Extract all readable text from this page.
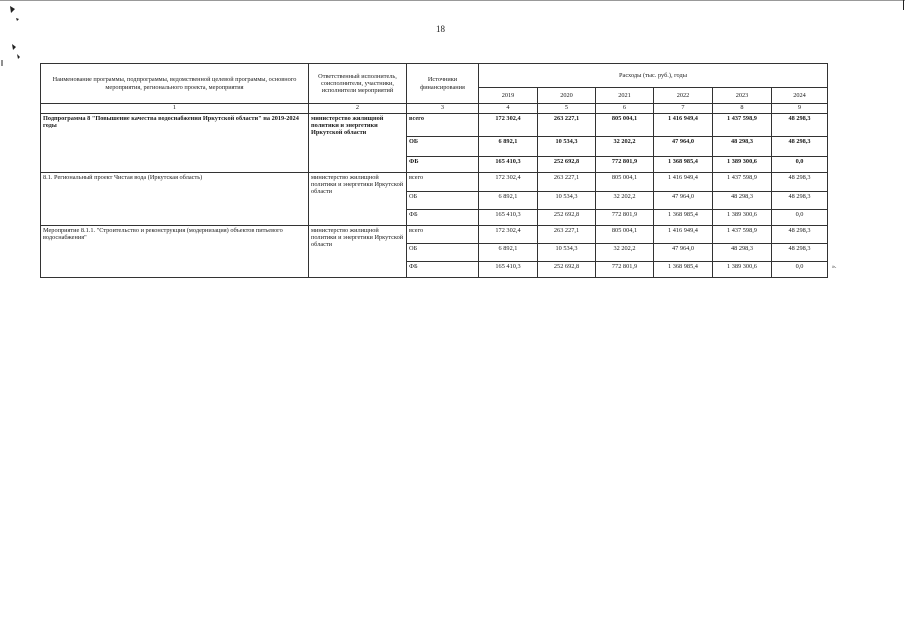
18
Наименование программы, подпрограммы, ведомственной целевой программы, основного мероприятия, регионального проекта, мероприятия	Ответственный исполнитель, соисполнители, участники, исполнители мероприятий	Источники финансирования	Расходы (тыс. руб.), годы					
			2019	2020	2021	2022	2023	2024
1	2	3	4	5	6	7	8	9
Подпрограмма 8 "Повышение качества водоснабжения Иркутской области" на 2019-2024 годы	министерство жилищной политики и энергетики Иркутской области	всего	172 302,4	263 227,1	805 004,1	1 416 949,4	1 437 598,9	48 298,3
		ОБ	6 892,1	10 534,3	32 202,2	47 964,0	48 298,3	48 298,3
		ФБ	165 410,3	252 692,8	772 801,9	1 368 985,4	1 389 300,6	0,0
8.1. Региональный проект Чистая вода (Иркутская область)	министерство жилищной политики и энергетики Иркутской области	всего	172 302,4	263 227,1	805 004,1	1 416 949,4	1 437 598,9	48 298,3
		ОБ	6 892,1	10 534,3	32 202,2	47 964,0	48 298,3	48 298,3
		ФБ	165 410,3	252 692,8	772 801,9	1 368 985,4	1 389 300,6	0,0
Мероприятие 8.1.1. "Строительство и реконструкция (модернизация) объектов питьевого водоснабжения"	министерство жилищной политики и энергетики Иркутской области	всего	172 302,4	263 227,1	805 004,1	1 416 949,4	1 437 598,9	48 298,3
		ОБ	6 892,1	10 534,3	32 202,2	47 964,0	48 298,3	48 298,3
		ФБ	165 410,3	252 692,8	772 801,9	1 368 985,4	1 389 300,6	0,0	».
